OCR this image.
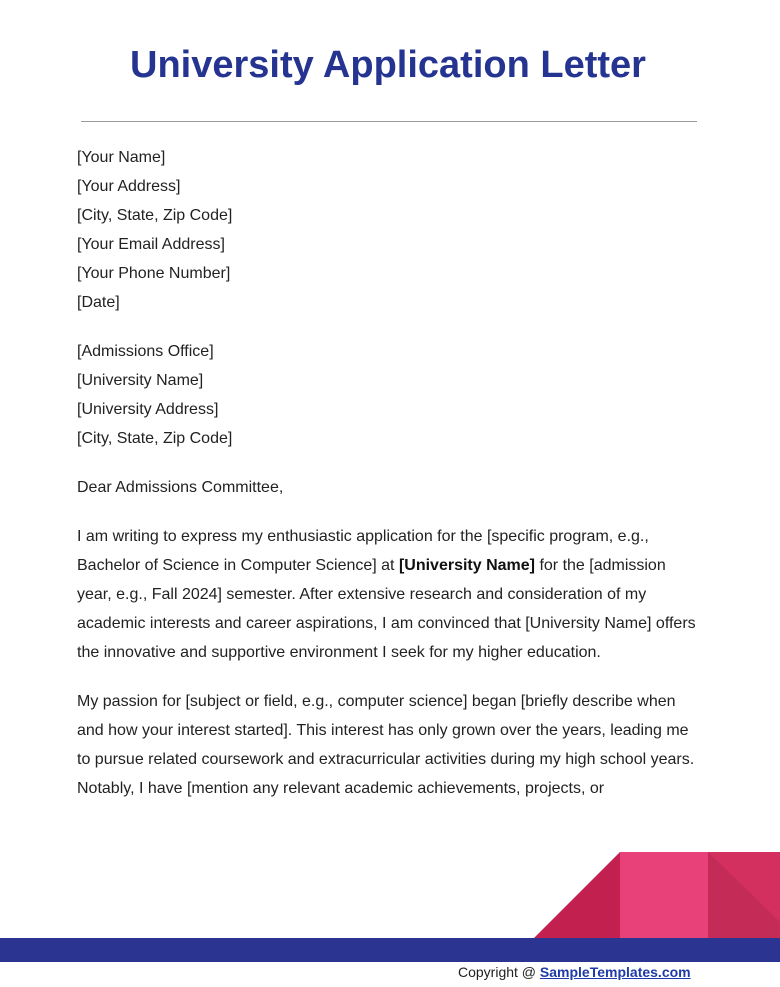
University Application Letter
[Your Name]
[Your Address]
[City, State, Zip Code]
[Your Email Address]
[Your Phone Number]
[Date]
[Admissions Office]
[University Name]
[University Address]
[City, State, Zip Code]

Dear Admissions Committee,

I am writing to express my enthusiastic application for the [specific program, e.g., Bachelor of Science in Computer Science] at [University Name] for the [admission year, e.g., Fall 2024] semester. After extensive research and consideration of my academic interests and career aspirations, I am convinced that [University Name] offers the innovative and supportive environment I seek for my higher education.

My passion for [subject or field, e.g., computer science] began [briefly describe when and how your interest started]. This interest has only grown over the years, leading me to pursue related coursework and extracurricular activities during my high school years. Notably, I have [mention any relevant academic achievements, projects, or

Copyright @ SampleTemplates.com
